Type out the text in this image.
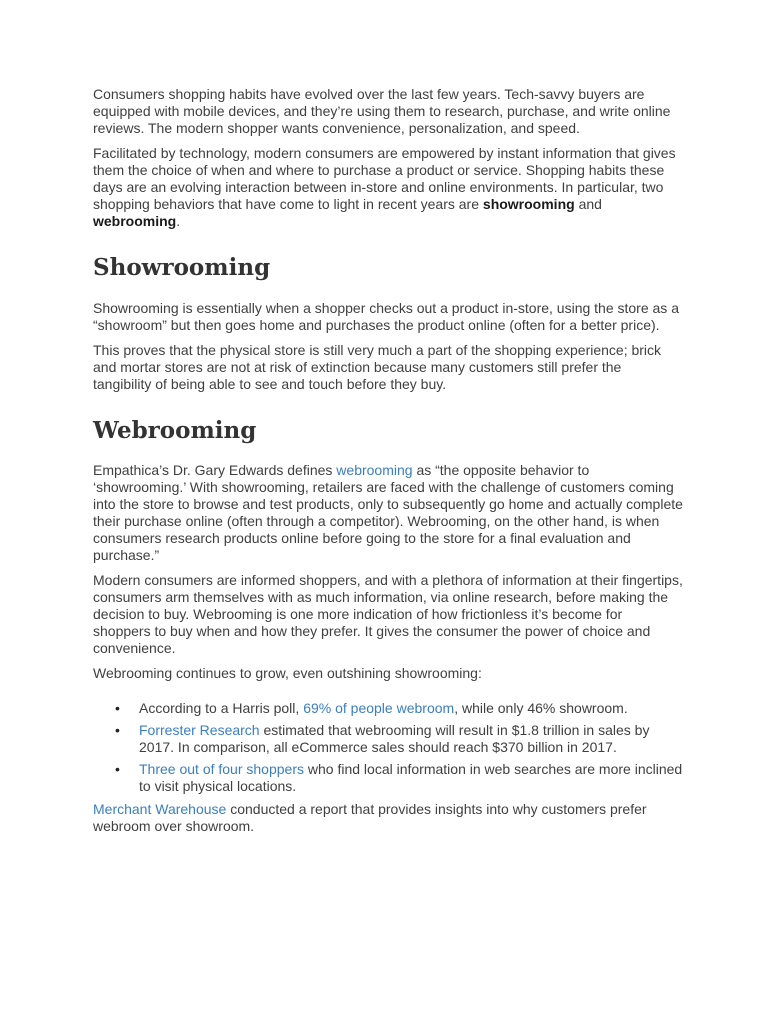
Consumers shopping habits have evolved over the last few years. Tech-savvy buyers are equipped with mobile devices, and they’re using them to research, purchase, and write online reviews. The modern shopper wants convenience, personalization, and speed.

Facilitated by technology, modern consumers are empowered by instant information that gives them the choice of when and where to purchase a product or service. Shopping habits these days are an evolving interaction between in-store and online environments. In particular, two shopping behaviors that have come to light in recent years are showrooming and webrooming.

Showrooming

Showrooming is essentially when a shopper checks out a product in-store, using the store as a “showroom” but then goes home and purchases the product online (often for a better price).

This proves that the physical store is still very much a part of the shopping experience; brick and mortar stores are not at risk of extinction because many customers still prefer the tangibility of being able to see and touch before they buy.

Webrooming

Empathica’s Dr. Gary Edwards defines webrooming as “the opposite behavior to ‘showrooming.’ With showrooming, retailers are faced with the challenge of customers coming into the store to browse and test products, only to subsequently go home and actually complete their purchase online (often through a competitor). Webrooming, on the other hand, is when consumers research products online before going to the store for a final evaluation and purchase.”

Modern consumers are informed shoppers, and with a plethora of information at their fingertips, consumers arm themselves with as much information, via online research, before making the decision to buy. Webrooming is one more indication of how frictionless it’s become for shoppers to buy when and how they prefer. It gives the consumer the power of choice and convenience.

Webrooming continues to grow, even outshining showrooming:

• According to a Harris poll, 69% of people webroom, while only 46% showroom.
• Forrester Research estimated that webrooming will result in $1.8 trillion in sales by 2017. In comparison, all eCommerce sales should reach $370 billion in 2017.
• Three out of four shoppers who find local information in web searches are more inclined to visit physical locations.

Merchant Warehouse conducted a report that provides insights into why customers prefer webroom over showroom.
